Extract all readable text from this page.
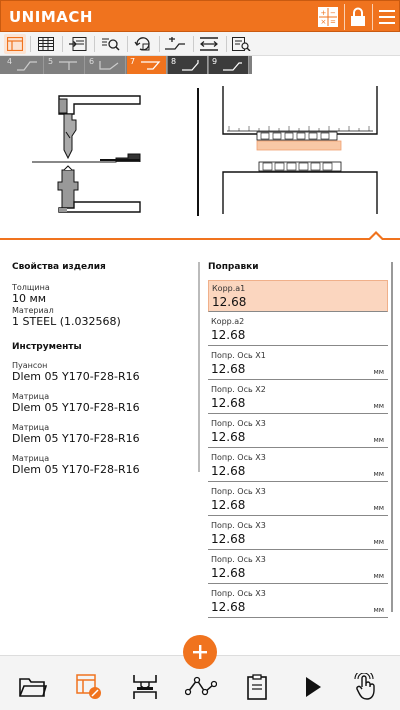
UNIMACH	+ −
× =
4	5	6	7	8	9
Свойства изделия
Толщина
10 мм
Материал
1 STEEL (1.032568)
Инструменты
Пуансон
Dlem 05 Y170-F28-R16
Матрица
Dlem 05 Y170-F28-R16
Матрица
Dlem 05 Y170-F28-R16
Матрица
Dlem 05 Y170-F28-R16
Поправки
Корр.а1
12.68
Корр.а2
12.68
Попр. Ось X1
12.68	мм
Попр. Ось X2
12.68	мм
Попр. Ось X3
12.68	мм
Попр. Ось X3
12.68	мм
Попр. Ось X3
12.68	мм
Попр. Ось X3
12.68	мм
Попр. Ось X3
12.68	мм
Попр. Ось X3
12.68	мм
